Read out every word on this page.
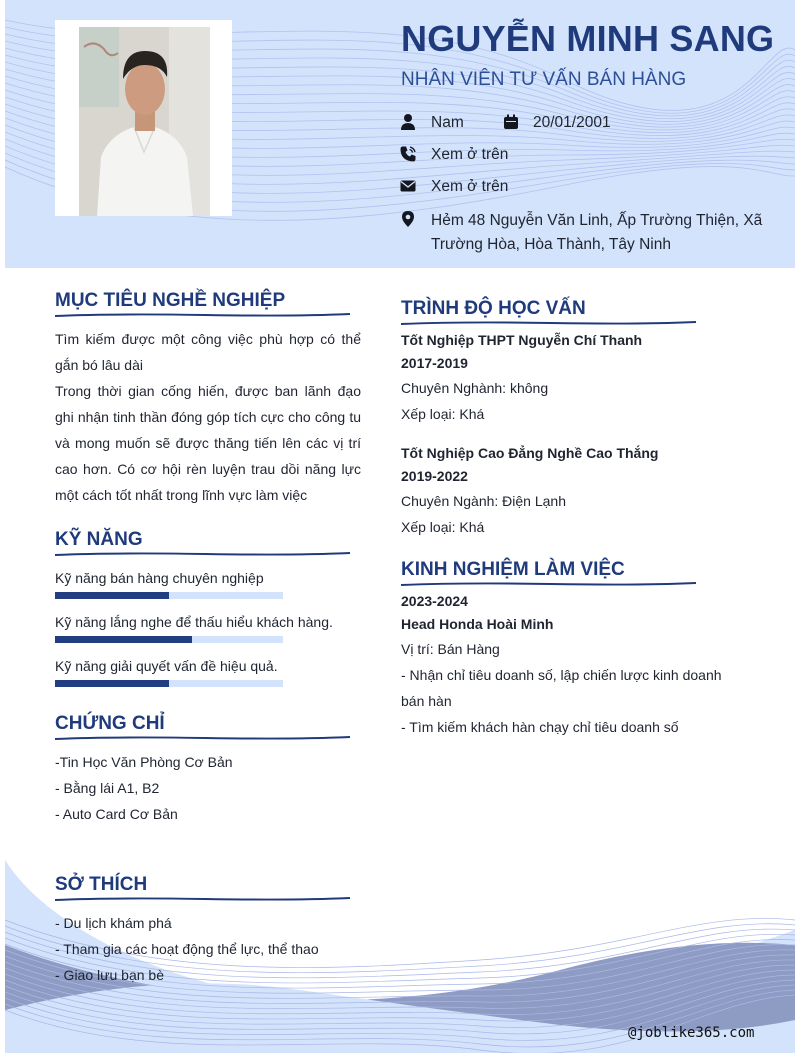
NGUYỄN MINH SANG
NHÂN VIÊN TƯ VẤN BÁN HÀNG
Nam	20/01/2001
Xem ở trên
Xem ở trên
Hẻm 48 Nguyễn Văn Linh, Ấp Trường Thiện, Xã Trường Hòa, Hòa Thành, Tây Ninh
MỤC TIÊU NGHỀ NGHIỆP
Tìm kiếm được một công việc phù hợp có thể gắn bó lâu dài
Trong thời gian cống hiến, được ban lãnh đạo ghi nhận tinh thần đóng góp tích cực cho công tu và mong muốn sẽ được thăng tiến lên các vị trí cao hơn. Có cơ hội rèn luyện trau dồi năng lực một cách tốt nhất trong lĩnh vực làm việc
KỸ NĂNG
Kỹ năng bán hàng chuyên nghiệp
Kỹ năng lắng nghe để thấu hiểu khách hàng.
Kỹ năng giải quyết vấn đề hiệu quả.
CHỨNG CHỈ
-Tin Học Văn Phòng Cơ Bản
- Bằng lái A1, B2
- Auto Card Cơ Bản
SỞ THÍCH
- Du lịch khám phá
- Tham gia các hoạt động thể lực, thể thao
- Giao lưu bạn bè
TRÌNH ĐỘ HỌC VẤN
Tốt Nghiệp THPT Nguyễn Chí Thanh
2017-2019
Chuyên Nghành: không
Xếp loại: Khá
Tốt Nghiệp Cao Đẳng Nghề Cao Thắng
2019-2022
Chuyên Ngành: Điện Lạnh
Xếp loại: Khá
KINH NGHIỆM LÀM VIỆC
2023-2024
Head Honda Hoài Minh
Vị trí: Bán Hàng
- Nhận chỉ tiêu doanh số, lập chiến lược kinh doanh bán hàn
- Tìm kiếm khách hàn chạy chỉ tiêu doanh số
@joblike365.com
